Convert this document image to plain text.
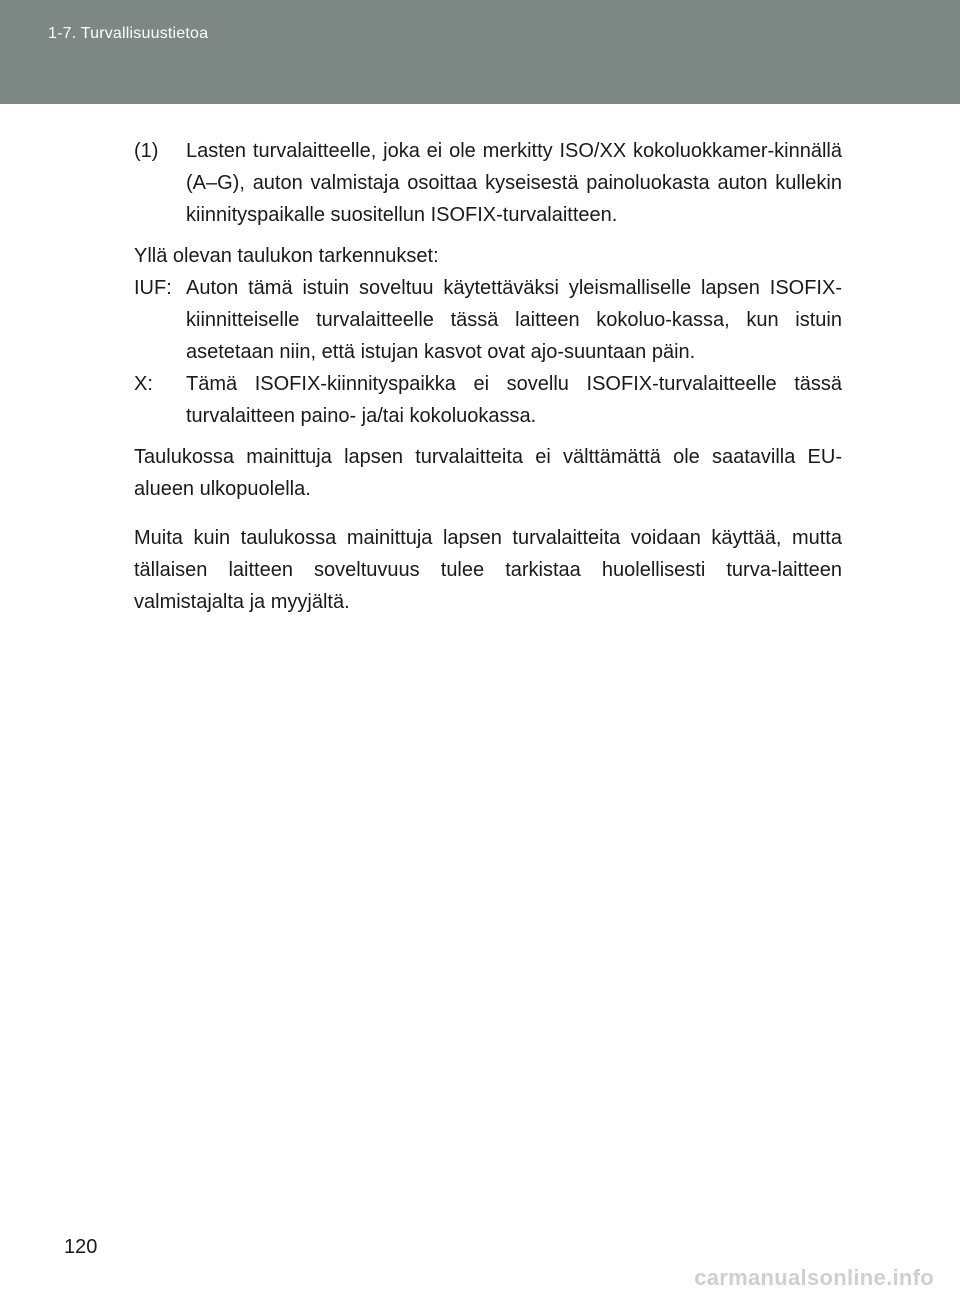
1-7. Turvallisuustietoa
(1)	Lasten turvalaitteelle, joka ei ole merkitty ISO/XX kokoluokkamer-kinnällä (A–G), auton valmistaja osoittaa kyseisestä painoluokasta auton kullekin kiinnityspaikalle suositellun ISOFIX-turvalaitteen.

Yllä olevan taulukon tarkennukset:

IUF: Auton tämä istuin soveltuu käytettäväksi yleismalliselle lapsen ISOFIX-kiinnitteiselle turvalaitteelle tässä laitteen kokoluo-kassa, kun istuin asetetaan niin, että istujan kasvot ovat ajo-suuntaan päin.
X:	Tämä ISOFIX-kiinnityspaikka ei sovellu ISOFIX-turvalaitteelle tässä turvalaitteen paino- ja/tai kokoluokassa.

Taulukossa mainittuja lapsen turvalaitteita ei välttämättä ole saatavilla EU-alueen ulkopuolella.

Muita kuin taulukossa mainittuja lapsen turvalaitteita voidaan käyttää, mutta tällaisen laitteen soveltuvuus tulee tarkistaa huolellisesti turva-laitteen valmistajalta ja myyjältä.

120
carmanualsonline.info
